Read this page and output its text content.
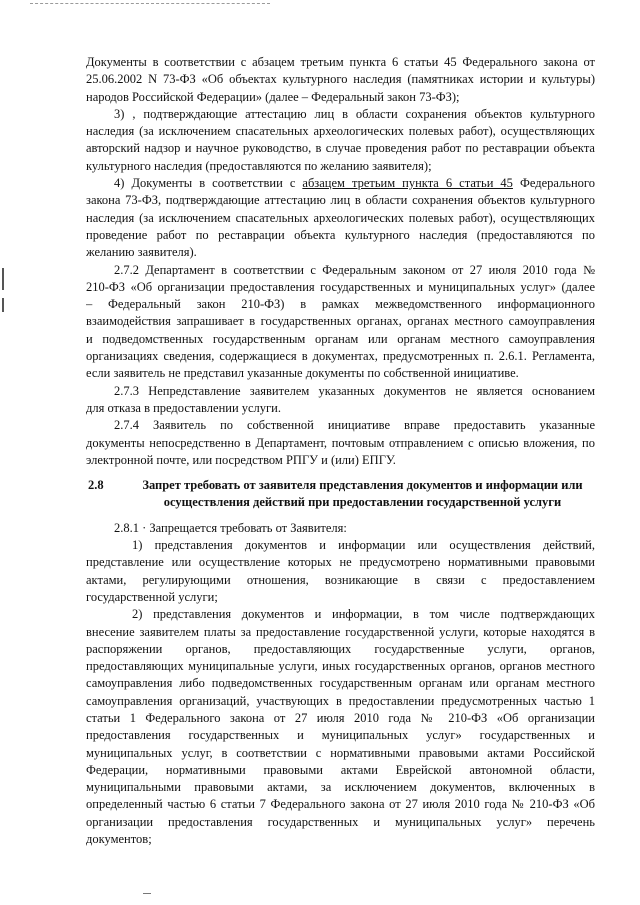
Документы в соответствии с абзацем третьим пункта 6 статьи 45 Федерального закона от
25.06.2002 N 73-ФЗ «Об объектах культурного наследия (памятниках истории и культуры)
народов Российской Федерации» (далее – Федеральный закон 73-ФЗ);
3) , подтверждающие аттестацию лиц в области сохранения объектов культурного
наследия (за исключением спасательных археологических полевых работ), осуществляющих
авторский надзор и научное руководство, в случае проведения работ по реставрации объекта
культурного наследия (предоставляются по желанию заявителя);
4) Документы в соответствии с абзацем третьим пункта 6 статьи 45 Федерального
закона 73-ФЗ, подтверждающие аттестацию лиц в области сохранения объектов культурного
наследия (за исключением спасательных археологических полевых работ), осуществляющих
проведение работ по реставрации объекта культурного наследия (предоставляются по
желанию заявителя).
2.7.2 Департамент в соответствии с Федеральным законом от 27 июля 2010 года №
210-ФЗ «Об организации предоставления государственных и муниципальных услуг» (далее
– Федеральный закон 210-ФЗ) в рамках межведомственного информационного
взаимодействия запрашивает в государственных органах, органах местного самоуправления
и подведомственных государственным органам или органам местного самоуправления
организациях сведения, содержащиеся в документах, предусмотренных п. 2.6.1. Регламента,
если заявитель не представил указанные документы по собственной инициативе.
2.7.3 Непредставление заявителем указанных документов не является основанием
для отказа в предоставлении услуги.
2.7.4 Заявитель по собственной инициативе вправе предоставить указанные
документы непосредственно в Департамент, почтовым отправлением с описью вложения, по
электронной почте, или посредством РПГУ и (или) ЕПГУ.
2.8	Запрет требовать от заявителя представления документов и информации или
осуществления действий при предоставлении государственной услуги
2.8.1 · Запрещается требовать от Заявителя:
1) представления документов и информации или осуществления действий,
представление или осуществление которых не предусмотрено нормативными правовыми
актами, регулирующими отношения, возникающие в связи с предоставлением
государственной услуги;
2) представления документов и информации, в том числе подтверждающих
внесение заявителем платы за предоставление государственной услуги, которые находятся в
распоряжении органов, предоставляющих государственные услуги, органов,
предоставляющих муниципальные услуги, иных государственных органов, органов местного
самоуправления либо подведомственных государственным органам или органам местного
самоуправления организаций, участвующих в предоставлении предусмотренных частью 1
статьи 1 Федерального закона от 27 июля 2010 года № 210-ФЗ «Об организации
предоставления государственных и муниципальных услуг» государственных и
муниципальных услуг, в соответствии с нормативными правовыми актами Российской
Федерации, нормативными правовыми актами Еврейской автономной области,
муниципальными правовыми актами, за исключением документов, включенных в
определенный частью 6 статьи 7 Федерального закона от 27 июля 2010 года № 210-ФЗ «Об
организации предоставления государственных и муниципальных услуг» перечень
документов;
